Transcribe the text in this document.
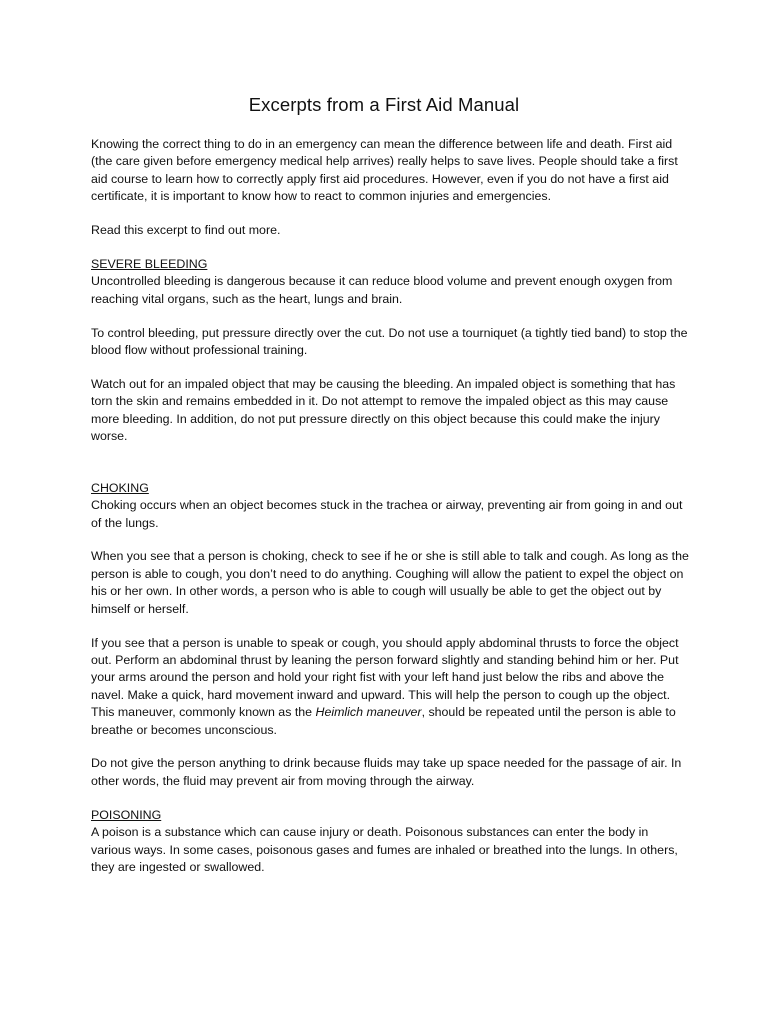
Excerpts from a First Aid Manual

Knowing the correct thing to do in an emergency can mean the difference between life and death. First aid (the care given before emergency medical help arrives) really helps to save lives. People should take a first aid course to learn how to correctly apply first aid procedures. However, even if you do not have a first aid certificate, it is important to know how to react to common injuries and emergencies.

Read this excerpt to find out more.

SEVERE BLEEDING

Uncontrolled bleeding is dangerous because it can reduce blood volume and prevent enough oxygen from reaching vital organs, such as the heart, lungs and brain.

To control bleeding, put pressure directly over the cut. Do not use a tourniquet (a tightly tied band) to stop the blood flow without professional training.

Watch out for an impaled object that may be causing the bleeding. An impaled object is something that has torn the skin and remains embedded in it. Do not attempt to remove the impaled object as this may cause more bleeding. In addition, do not put pressure directly on this object because this could make the injury worse.

CHOKING

Choking occurs when an object becomes stuck in the trachea or airway, preventing air from going in and out of the lungs.

When you see that a person is choking, check to see if he or she is still able to talk and cough. As long as the person is able to cough, you don’t need to do anything. Coughing will allow the patient to expel the object on his or her own. In other words, a person who is able to cough will usually be able to get the object out by himself or herself.

If you see that a person is unable to speak or cough, you should apply abdominal thrusts to force the object out. Perform an abdominal thrust by leaning the person forward slightly and standing behind him or her. Put your arms around the person and hold your right fist with your left hand just below the ribs and above the navel. Make a quick, hard movement inward and upward. This will help the person to cough up the object. This maneuver, commonly known as the Heimlich maneuver, should be repeated until the person is able to breathe or becomes unconscious.

Do not give the person anything to drink because fluids may take up space needed for the passage of air. In other words, the fluid may prevent air from moving through the airway.

POISONING

A poison is a substance which can cause injury or death. Poisonous substances can enter the body in various ways. In some cases, poisonous gases and fumes are inhaled or breathed into the lungs. In others, they are ingested or swallowed.
